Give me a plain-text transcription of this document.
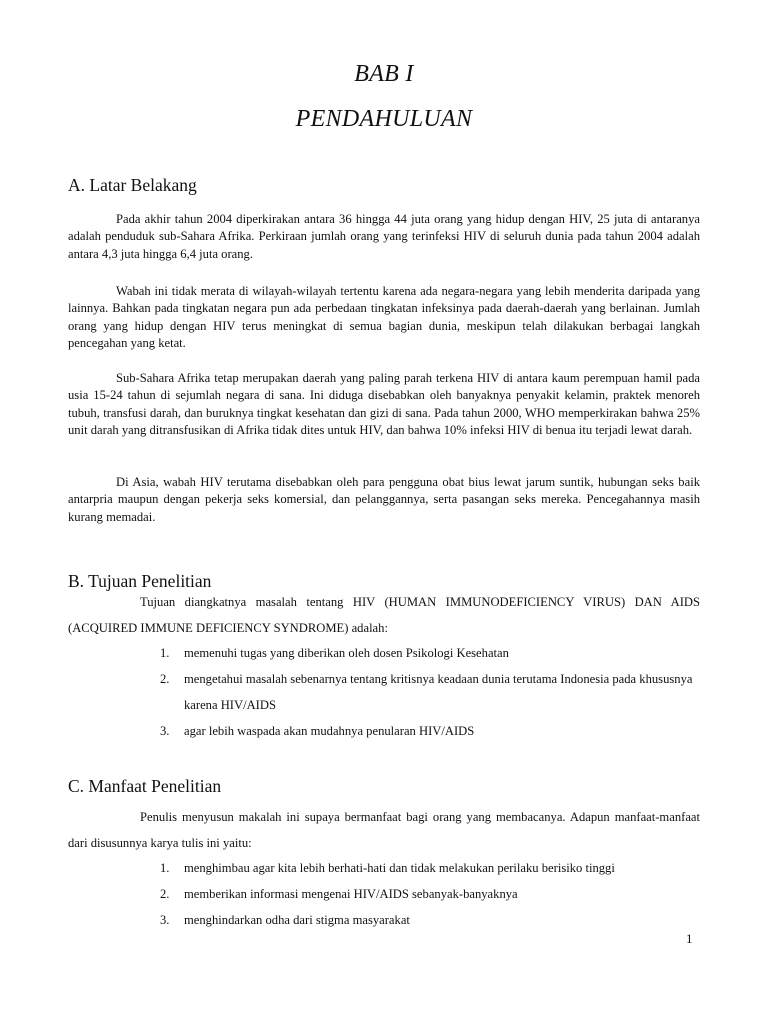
BAB I
PENDAHULUAN
A. Latar Belakang

Pada akhir tahun 2004 diperkirakan antara 36 hingga 44 juta orang yang hidup dengan HIV, 25 juta di antaranya adalah penduduk sub-Sahara Afrika. Perkiraan jumlah orang yang terinfeksi HIV di seluruh dunia pada tahun 2004 adalah antara 4,3 juta hingga 6,4 juta orang.

Wabah ini tidak merata di wilayah-wilayah tertentu karena ada negara-negara yang lebih menderita daripada yang lainnya. Bahkan pada tingkatan negara pun ada perbedaan tingkatan infeksinya pada daerah-daerah yang berlainan. Jumlah orang yang hidup dengan HIV terus meningkat di semua bagian dunia, meskipun telah dilakukan berbagai langkah pencegahan yang ketat.

Sub-Sahara Afrika tetap merupakan daerah yang paling parah terkena HIV di antara kaum perempuan hamil pada usia 15-24 tahun di sejumlah negara di sana. Ini diduga disebabkan oleh banyaknya penyakit kelamin, praktek menoreh tubuh, transfusi darah, dan buruknya tingkat kesehatan dan gizi di sana. Pada tahun 2000, WHO memperkirakan bahwa 25% unit darah yang ditransfusikan di Afrika tidak dites untuk HIV, dan bahwa 10% infeksi HIV di benua itu terjadi lewat darah.

Di Asia, wabah HIV terutama disebabkan oleh para pengguna obat bius lewat jarum suntik, hubungan seks baik antarpria maupun dengan pekerja seks komersial, dan pelanggannya, serta pasangan seks mereka. Pencegahannya masih kurang memadai.

B. Tujuan Penelitian

Tujuan diangkatnya masalah tentang HIV (HUMAN IMMUNODEFICIENCY VIRUS) DAN AIDS (ACQUIRED IMMUNE DEFICIENCY SYNDROME) adalah:

1.	memenuhi tugas yang diberikan oleh dosen Psikologi Kesehatan
2.	mengetahui masalah sebenarnya tentang kritisnya keadaan dunia terutama Indonesia pada khususnya karena HIV/AIDS
3.	agar lebih waspada akan mudahnya penularan HIV/AIDS
C. Manfaat Penelitian

Penulis menyusun makalah ini supaya bermanfaat bagi orang yang membacanya. Adapun manfaat-manfaat dari disusunnya karya tulis ini yaitu:

1.	menghimbau agar kita lebih berhati-hati dan tidak melakukan perilaku berisiko tinggi
2.	memberikan informasi mengenai HIV/AIDS sebanyak-banyaknya
3.	menghindarkan odha dari stigma masyarakat
1
